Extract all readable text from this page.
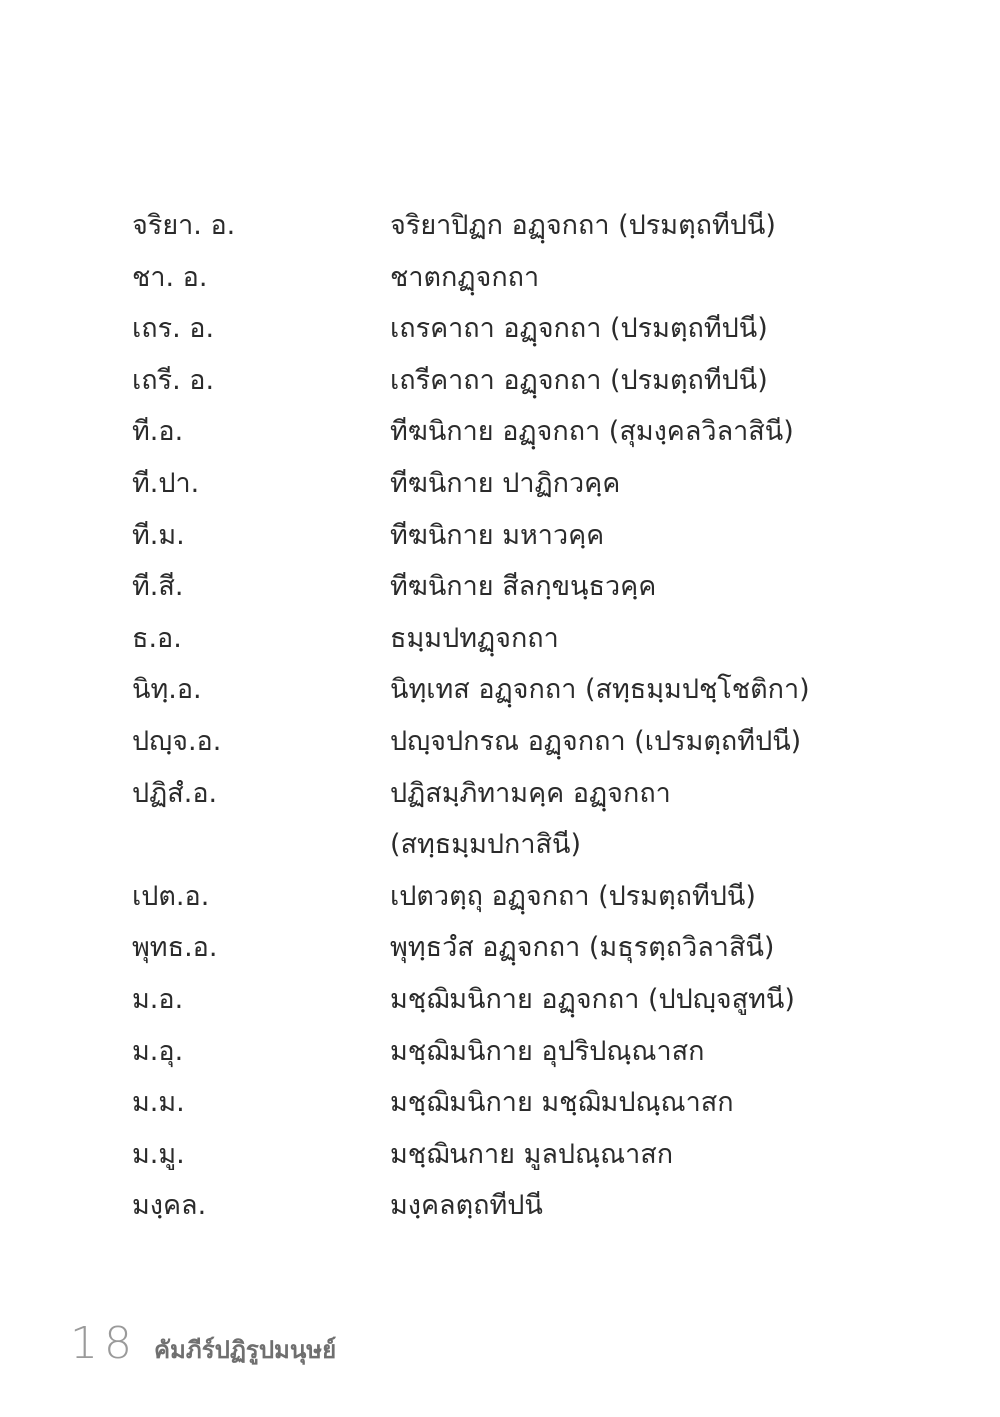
จริยา. อ.	จริยาปิฏก อฏฺจกถา (ปรมตฺถทีปนี)
ชา. อ.	ชาตกฏฺจกถา
เถร. อ.	เถรคาถา อฏฺจกถา (ปรมตฺถทีปนี)
เถรี. อ.	เถรีคาถา อฏฺจกถา (ปรมตฺถทีปนี)
ที.อ.	ทีฆนิกาย อฏฺจกถา (สุมงฺคลวิลาสินี)
ที.ปา.	ทีฆนิกาย ปาฏิกวคฺค
ที.ม.	ทีฆนิกาย มหาวคฺค
ที.สี.	ทีฆนิกาย สีลกฺขนฺธวคฺค
ธ.อ.	ธมฺมปทฏฺจกถา
นิทฺ.อ.	นิทฺเทส อฏฺจกถา (สทฺธมฺมปชฺโชติกา)
ปญฺจ.อ.	ปญฺจปกรณ อฏฺจกถา (เปรมตฺถทีปนี)
ปฏิสํ.อ.	ปฏิสมฺภิทามคฺค อฏฺจกถา
(สทฺธมฺมปกาสินี)
เปต.อ.	เปตวตฺถุ อฏฺจกถา (ปรมตฺถทีปนี)
พุทธ.อ.	พุทฺธวํส อฏฺจกถา (มธุรตฺถวิลาสินี)
ม.อ.	มชฺฌิมนิกาย อฏฺจกถา (ปปญฺจสูทนี)
ม.อุ.	มชฺฌิมนิกาย อุปริปณฺณาสก
ม.ม.	มชฺฌิมนิกาย มชฺฌิมปณฺณาสก
ม.มู.	มชฺฌินกาย มูลปณฺณาสก
มงฺคล.	มงฺคลตฺถทีปนี
18 คัมภีร์ปฏิรูปมนุษย์
